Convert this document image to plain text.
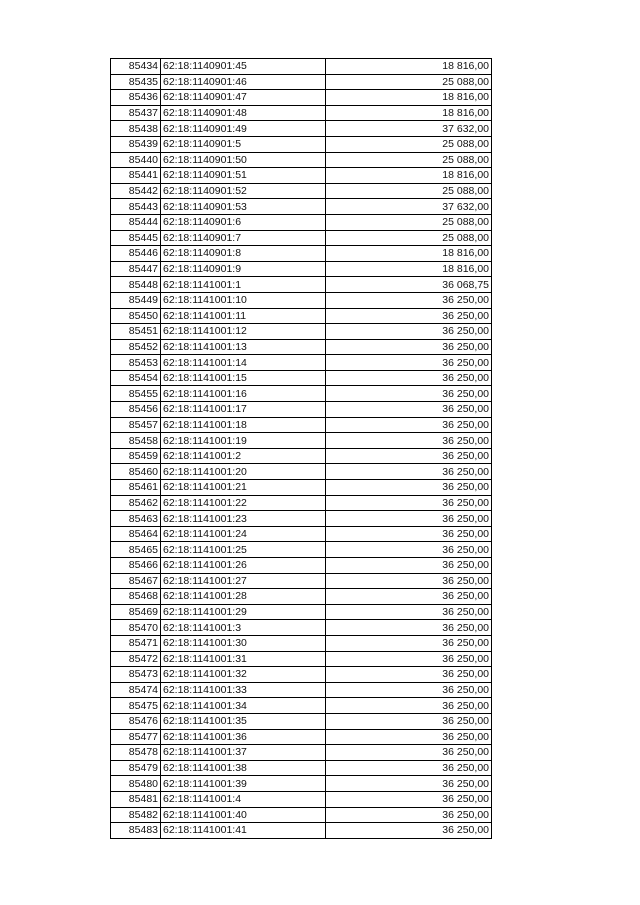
85434	62:18:1140901:45	18 816,00
85435	62:18:1140901:46	25 088,00
85436	62:18:1140901:47	18 816,00
85437	62:18:1140901:48	18 816,00
85438	62:18:1140901:49	37 632,00
85439	62:18:1140901:5	25 088,00
85440	62:18:1140901:50	25 088,00
85441	62:18:1140901:51	18 816,00
85442	62:18:1140901:52	25 088,00
85443	62:18:1140901:53	37 632,00
85444	62:18:1140901:6	25 088,00
85445	62:18:1140901:7	25 088,00
85446	62:18:1140901:8	18 816,00
85447	62:18:1140901:9	18 816,00
85448	62:18:1141001:1	36 068,75
85449	62:18:1141001:10	36 250,00
85450	62:18:1141001:11	36 250,00
85451	62:18:1141001:12	36 250,00
85452	62:18:1141001:13	36 250,00
85453	62:18:1141001:14	36 250,00
85454	62:18:1141001:15	36 250,00
85455	62:18:1141001:16	36 250,00
85456	62:18:1141001:17	36 250,00
85457	62:18:1141001:18	36 250,00
85458	62:18:1141001:19	36 250,00
85459	62:18:1141001:2	36 250,00
85460	62:18:1141001:20	36 250,00
85461	62:18:1141001:21	36 250,00
85462	62:18:1141001:22	36 250,00
85463	62:18:1141001:23	36 250,00
85464	62:18:1141001:24	36 250,00
85465	62:18:1141001:25	36 250,00
85466	62:18:1141001:26	36 250,00
85467	62:18:1141001:27	36 250,00
85468	62:18:1141001:28	36 250,00
85469	62:18:1141001:29	36 250,00
85470	62:18:1141001:3	36 250,00
85471	62:18:1141001:30	36 250,00
85472	62:18:1141001:31	36 250,00
85473	62:18:1141001:32	36 250,00
85474	62:18:1141001:33	36 250,00
85475	62:18:1141001:34	36 250,00
85476	62:18:1141001:35	36 250,00
85477	62:18:1141001:36	36 250,00
85478	62:18:1141001:37	36 250,00
85479	62:18:1141001:38	36 250,00
85480	62:18:1141001:39	36 250,00
85481	62:18:1141001:4	36 250,00
85482	62:18:1141001:40	36 250,00
85483	62:18:1141001:41	36 250,00
